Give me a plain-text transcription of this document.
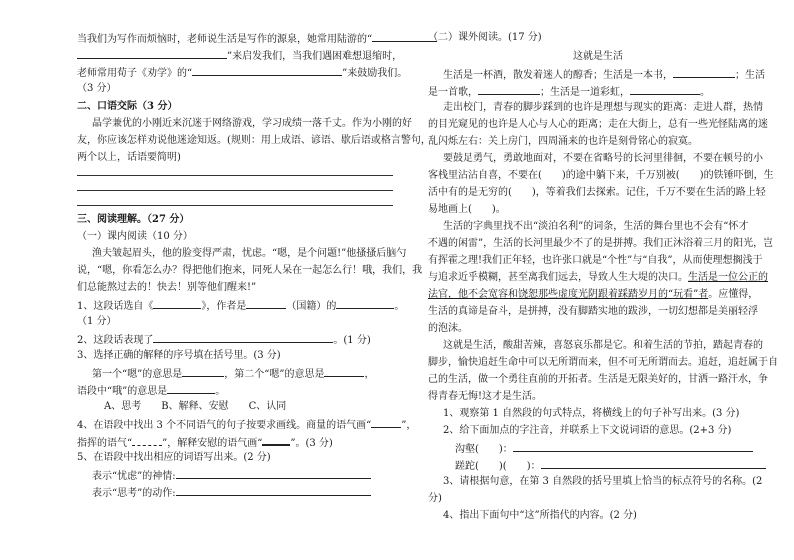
当我们为写作而烦恼时，老师说生活是写作的源泉，她常用陆游的“
”来启发我们，当我们遇困难想退缩时，
老师常用荀子《劝学》的“	”来鼓励我们。
（3 分）
二、口语交际（3 分）
晶学兼优的小刚近来沉迷于网络游戏，学习成绩一落千丈。作为小刚的好
友，你应该怎样劝说他迷途知返。(规则：用上成语、谚语、歇后语或格言警句，
两个以上，话语要简明)
三、阅读理解。（27 分）
（一）课内阅读（10 分）
渔夫皱起眉头，他的脸变得严肃，忧虑。“嗯，是个问题!”他搔搔后脑勺
说，“嗯，你看怎么办？得把他们抱来，同死人呆在一起怎么行！哦，我们，我
们总能熬过去的！快去！别等他们醒来!”
1、这段话选自《	》，作者是	（国籍）的	。
（1 分）
2、这段话表现了	。(1 分)
3、选择正确的解释的序号填在括号里。(3 分)
第一个“嗯”的意思是	，第二个“嗯”的意思是	，
语段中“哦”的意思是	。
A、思考　　B、解释、安慰　　C、认同
4、在语段中找出 3 个不同语气的句子按要求画线。商量的语气画“	”，
指挥的语气“	”，解释安慰的语气画“	”。(3 分)
5、在语段中找出相应的词语写出来。(2 分)
表示“忧虑”的神情:
表示“思考”的动作:
（二）课外阅读。(17 分)
这就是生活
生活是一杯酒，散发着迷人的醇香；生活是一本书，	；生活
是一首歌，	；生活是一道彩虹，	。
走出校门，青春的脚步踩到的也许是理想与现实的距离：走进人群，热情
的目光窥见的也许是人心与人心的距离；走在大街上，总有一些光怪陆离的迷
乱闪烁左右：关上房门，四周涌来的也许是刻骨铭心的寂寞。
要鼓足勇气，勇敢地面对，不要在省略号的长河里徘徊，不要在顿号的小
客栈里沾沾自喜，不要在( )的途中躺下来，千万别被( )的铁锤吓倒，生
活中有的是无穷的( )，等着我们去探索。记住，千万不要在生活的路上轻
易地画上(　　)。
生活的字典里找不出“淡泊名利”的词条，生活的舞台里也不会有“怀才
不遇的闲雷”，生活的长河里最少不了的是拼搏。我们正沐浴着三月的阳光，岂
有挥霍之理!我们正年轻，也许张口就是“个性”与“自我”，从而使理想搁浅于
与追求近乎模糊，甚至离我们远去，导致人生大堤的决口。生活是一位公正的
法官，他不会宽容和饶恕那些虚度光阴跟着踩踏岁月的“玩看”者。应懂得，
生活的真谛是奋斗，是拼搏，没有脚踏实地的跋涉，一切幻想都是美丽轻浮
的泡沫。
这就是生活，酸甜苦辣，喜怒哀乐都是它。和着生活的节拍，踏起青春的
脚步，愉快追赶生命中可以无所谓而来，但不可无所谓而去。追赶，追赶属于自
己的生活，做一个勇往直前的开拓者。生活是无限美好的，甘洒一路汗水，争
得青春无悔!这才是生活。
1、观察第 1 自然段的句式特点，将横线上的句子补写出来。(3 分)
2、给下面加点的字注音，并联系上下文说词语的意思。(2+3 分)
沟壑(　　)：
蹉跎(　　)(　　)：
3、请根据句意，在第 3 自然段的括号里填上恰当的标点符号的名称。(2
分)
4、指出下面句中“这”所指代的内容。(2 分)
